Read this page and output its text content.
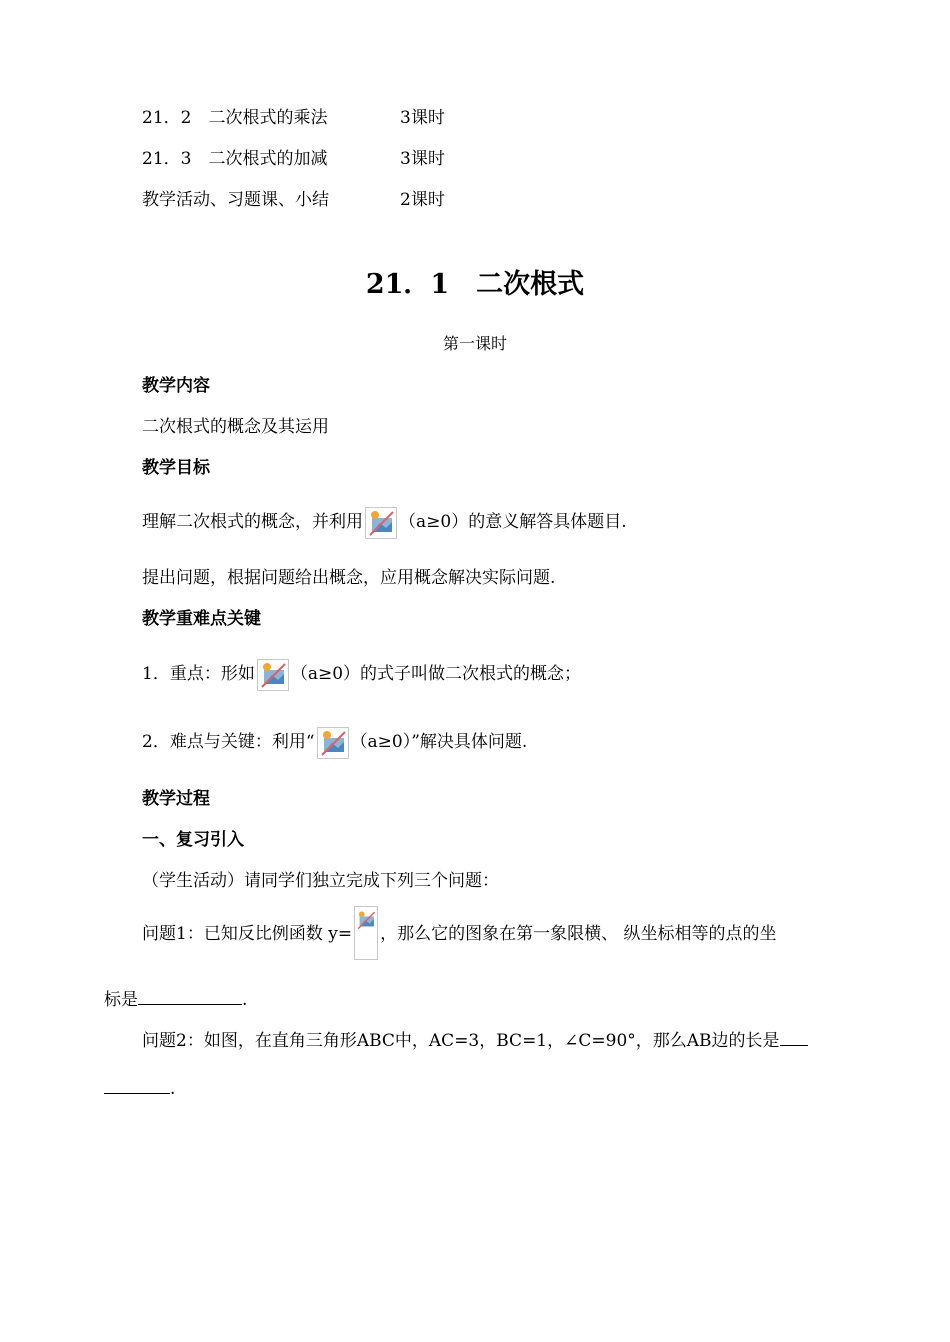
21．2　二次根式的乘法	3课时
21．3　二次根式的加减	3课时
教学活动、习题课、小结	2课时
21．1　二次根式
第一课时
教学内容
二次根式的概念及其运用
教学目标
理解二次根式的概念，并利用 （a≥0）的意义解答具体题目.
提出问题，根据问题给出概念，应用概念解决实际问题.
教学重难点关键
1．重点：形如 （a≥0）的式子叫做二次根式的概念；
2．难点与关键：利用“ （a≥0）”解决具体问题.
教学过程
一、复习引入
（学生活动）请同学们独立完成下列三个问题：
问题1：已知反比例函数 y= ，那么它的图象在第一象限横、 纵坐标相等的点的坐
标是	.
问题2：如图，在直角三角形ABC中，AC=3，BC=1，∠C=90°，那么AB边的长是
.
